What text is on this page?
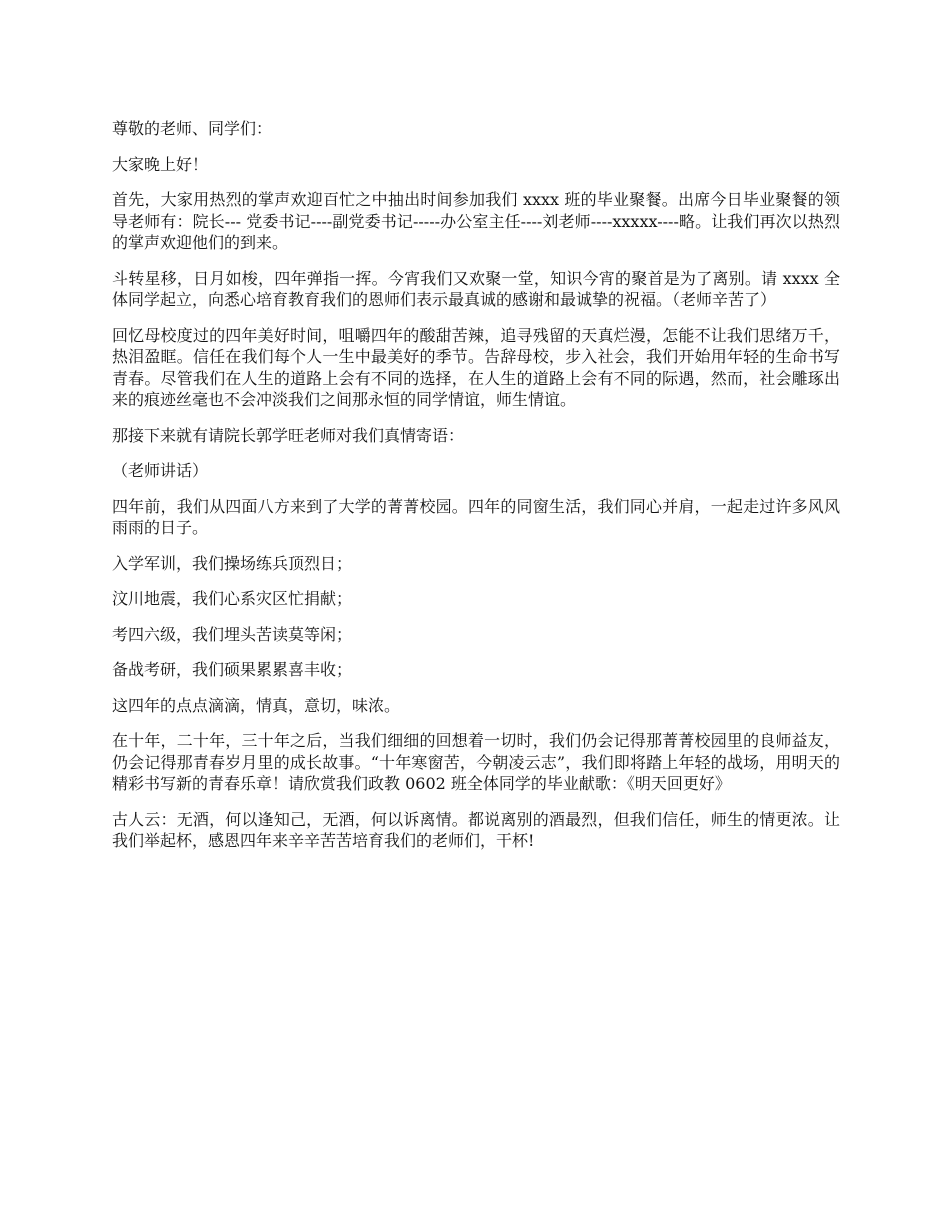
尊敬的老师、同学们：

大家晚上好！

首先，大家用热烈的掌声欢迎百忙之中抽出时间参加我们 xxxx 班的毕业聚餐。出席今日毕业聚餐的领导老师有：院长--- 党委书记----副党委书记-----办公室主任----刘老师----xxxxx----略。让我们再次以热烈的掌声欢迎他们的到来。

斗转星移，日月如梭，四年弹指一挥。今宵我们又欢聚一堂，知识今宵的聚首是为了离别。请 xxxx 全体同学起立，向悉心培育教育我们的恩师们表示最真诚的感谢和最诚挚的祝福。（老师辛苦了）

回忆母校度过的四年美好时间，咀嚼四年的酸甜苦辣，追寻残留的天真烂漫，怎能不让我们思绪万千，热泪盈眶。信任在我们每个人一生中最美好的季节。告辞母校，步入社会，我们开始用年轻的生命书写青春。尽管我们在人生的道路上会有不同的选择，在人生的道路上会有不同的际遇，然而，社会雕琢出来的痕迹丝毫也不会冲淡我们之间那永恒的同学情谊，师生情谊。

那接下来就有请院长郭学旺老师对我们真情寄语：

（老师讲话）

四年前，我们从四面八方来到了大学的菁菁校园。四年的同窗生活，我们同心并肩，一起走过许多风风雨雨的日子。

入学军训，我们操场练兵顶烈日；

汶川地震，我们心系灾区忙捐献；

考四六级，我们埋头苦读莫等闲；

备战考研，我们硕果累累喜丰收；

这四年的点点滴滴，情真，意切，味浓。

在十年，二十年，三十年之后，当我们细细的回想着一切时，我们仍会记得那菁菁校园里的良师益友，仍会记得那青春岁月里的成长故事。“十年寒窗苦，今朝凌云志”，我们即将踏上年轻的战场，用明天的精彩书写新的青春乐章！请欣赏我们政教 0602 班全体同学的毕业献歌：《明天回更好》

古人云：无酒，何以逢知己，无酒，何以诉离情。都说离别的酒最烈，但我们信任，师生的情更浓。让我们举起杯，感恩四年来辛辛苦苦培育我们的老师们，干杯!
